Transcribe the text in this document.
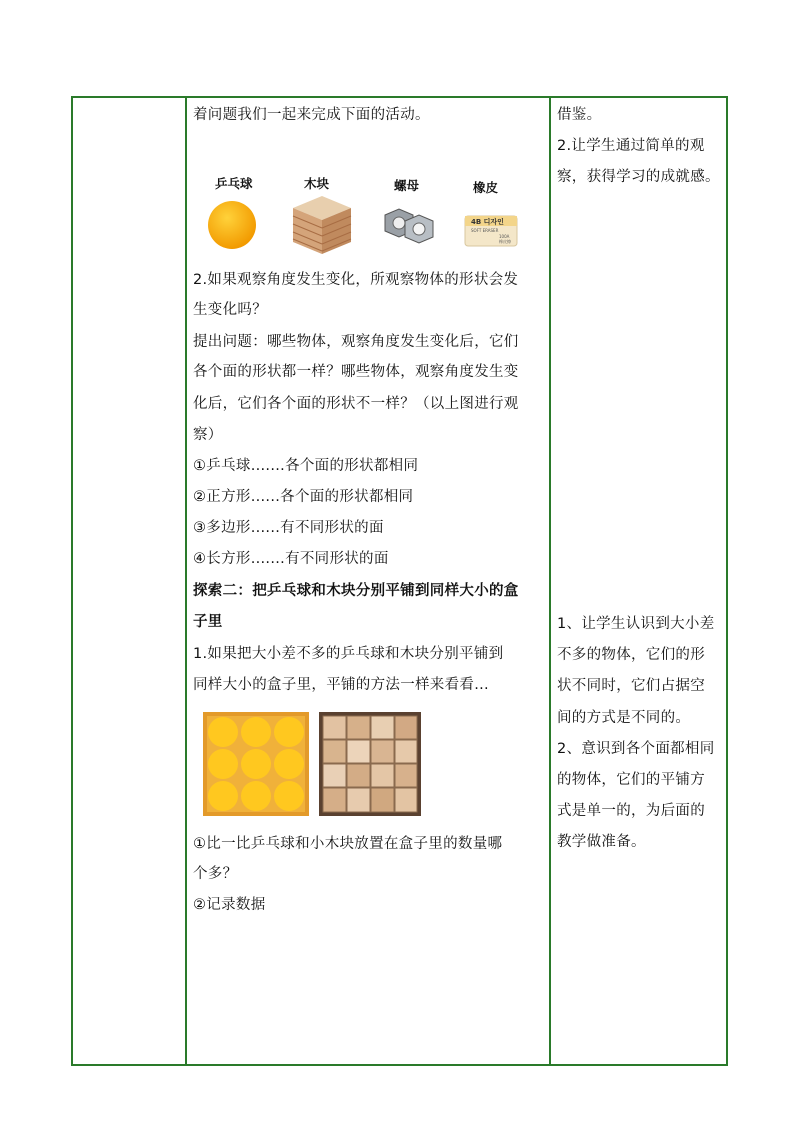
着问题我们一起来完成下面的活动。
乒乓球	木块	螺母	橡皮
4B 디자인
SOFT ERASER
100A
橡皮擦
2.如果观察角度发生变化，所观察物体的形状会发
生变化吗？
提出问题：哪些物体，观察角度发生变化后，它们
各个面的形状都一样？哪些物体，观察角度发生变
化后，它们各个面的形状不一样？（以上图进行观
察）
①乒乓球.......各个面的形状都相同
②正方形......各个面的形状都相同
③多边形......有不同形状的面
④长方形.......有不同形状的面
探索二：把乒乓球和木块分别平铺到同样大小的盒
子里
1.如果把大小差不多的乒乓球和木块分别平铺到
同样大小的盒子里，平铺的方法一样来看看...
①比一比乒乓球和小木块放置在盒子里的数量哪
个多？
②记录数据
借鉴。
2.让学生通过简单的观
察，获得学习的成就感。
1、让学生认识到大小差
不多的物体，它们的形
状不同时，它们占据空
间的方式是不同的。
2、意识到各个面都相同
的物体，它们的平铺方
式是单一的，为后面的
教学做准备。
